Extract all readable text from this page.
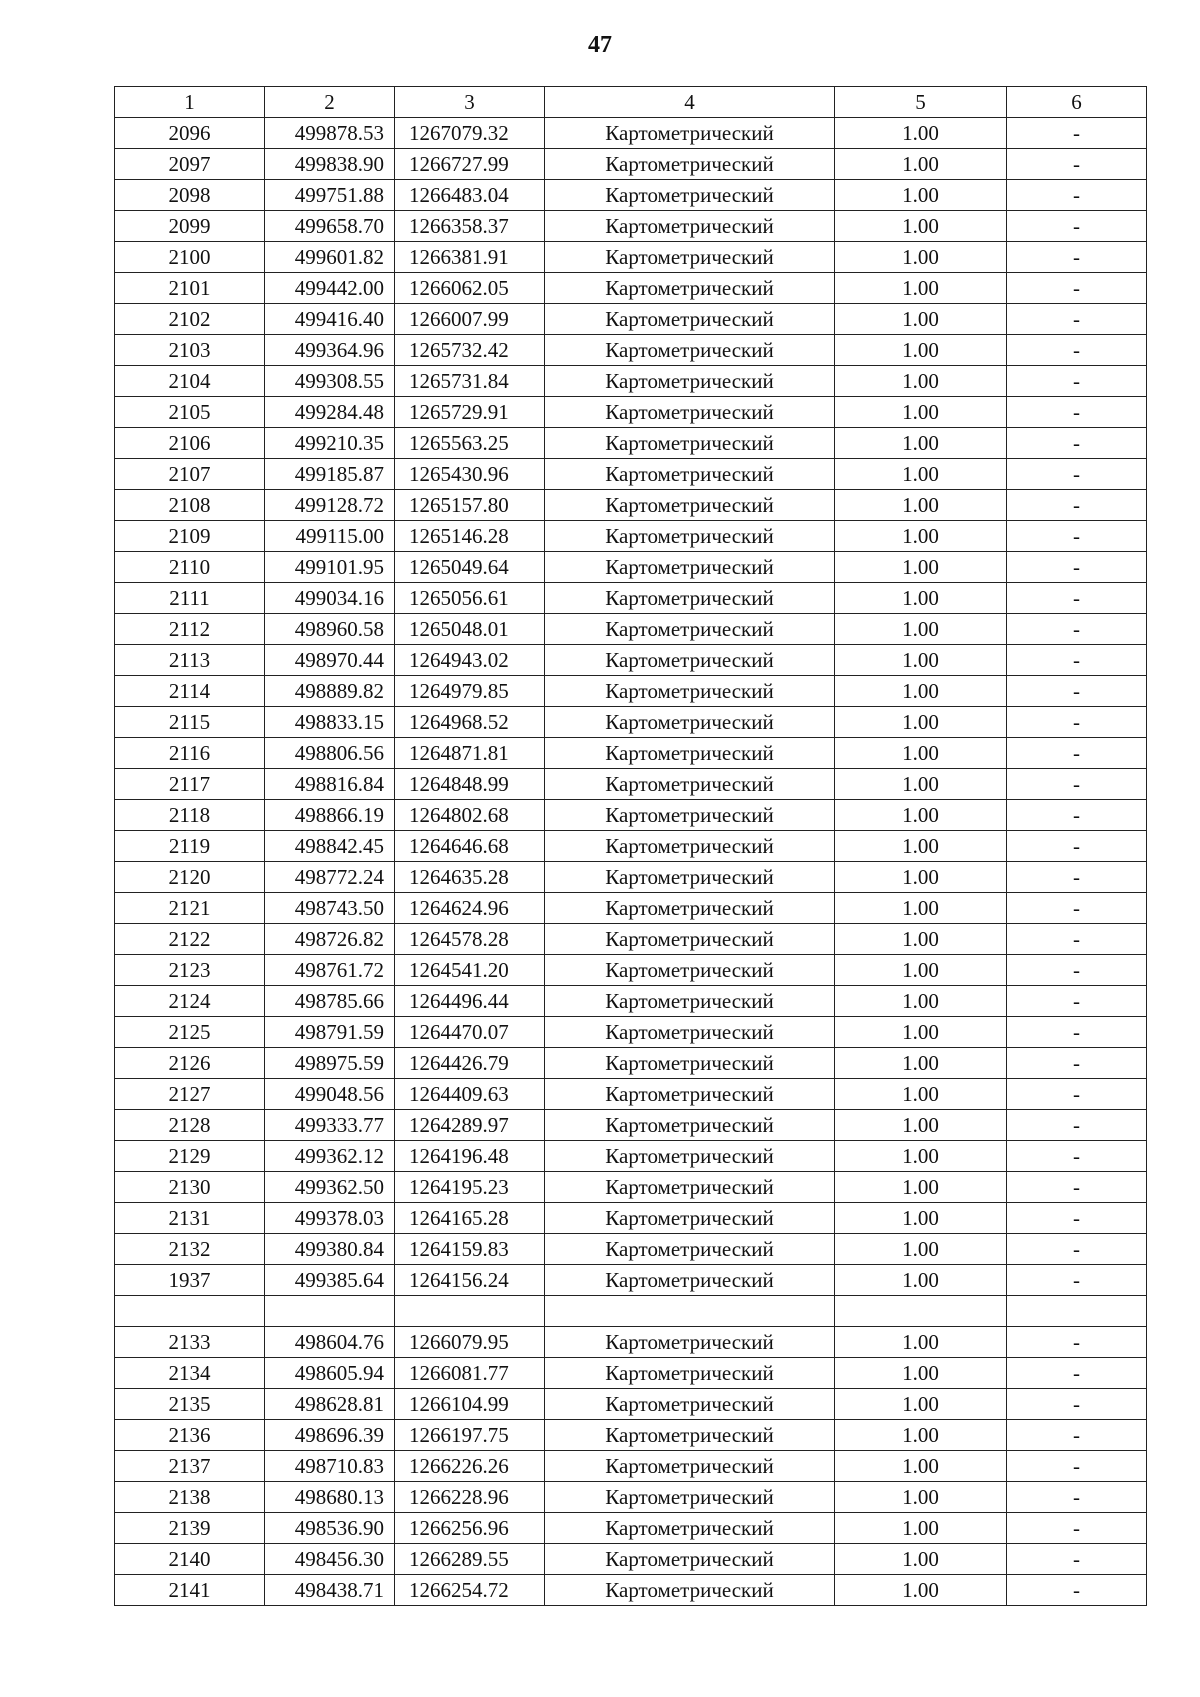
47
1	2	3	4	5	6
2096	499878.53	1267079.32	Картометрический	1.00	-
2097	499838.90	1266727.99	Картометрический	1.00	-
2098	499751.88	1266483.04	Картометрический	1.00	-
2099	499658.70	1266358.37	Картометрический	1.00	-
2100	499601.82	1266381.91	Картометрический	1.00	-
2101	499442.00	1266062.05	Картометрический	1.00	-
2102	499416.40	1266007.99	Картометрический	1.00	-
2103	499364.96	1265732.42	Картометрический	1.00	-
2104	499308.55	1265731.84	Картометрический	1.00	-
2105	499284.48	1265729.91	Картометрический	1.00	-
2106	499210.35	1265563.25	Картометрический	1.00	-
2107	499185.87	1265430.96	Картометрический	1.00	-
2108	499128.72	1265157.80	Картометрический	1.00	-
2109	499115.00	1265146.28	Картометрический	1.00	-
2110	499101.95	1265049.64	Картометрический	1.00	-
2111	499034.16	1265056.61	Картометрический	1.00	-
2112	498960.58	1265048.01	Картометрический	1.00	-
2113	498970.44	1264943.02	Картометрический	1.00	-
2114	498889.82	1264979.85	Картометрический	1.00	-
2115	498833.15	1264968.52	Картометрический	1.00	-
2116	498806.56	1264871.81	Картометрический	1.00	-
2117	498816.84	1264848.99	Картометрический	1.00	-
2118	498866.19	1264802.68	Картометрический	1.00	-
2119	498842.45	1264646.68	Картометрический	1.00	-
2120	498772.24	1264635.28	Картометрический	1.00	-
2121	498743.50	1264624.96	Картометрический	1.00	-
2122	498726.82	1264578.28	Картометрический	1.00	-
2123	498761.72	1264541.20	Картометрический	1.00	-
2124	498785.66	1264496.44	Картометрический	1.00	-
2125	498791.59	1264470.07	Картометрический	1.00	-
2126	498975.59	1264426.79	Картометрический	1.00	-
2127	499048.56	1264409.63	Картометрический	1.00	-
2128	499333.77	1264289.97	Картометрический	1.00	-
2129	499362.12	1264196.48	Картометрический	1.00	-
2130	499362.50	1264195.23	Картометрический	1.00	-
2131	499378.03	1264165.28	Картометрический	1.00	-
2132	499380.84	1264159.83	Картометрический	1.00	-
1937	499385.64	1264156.24	Картометрический	1.00	-

2133	498604.76	1266079.95	Картометрический	1.00	-
2134	498605.94	1266081.77	Картометрический	1.00	-
2135	498628.81	1266104.99	Картометрический	1.00	-
2136	498696.39	1266197.75	Картометрический	1.00	-
2137	498710.83	1266226.26	Картометрический	1.00	-
2138	498680.13	1266228.96	Картометрический	1.00	-
2139	498536.90	1266256.96	Картометрический	1.00	-
2140	498456.30	1266289.55	Картометрический	1.00	-
2141	498438.71	1266254.72	Картометрический	1.00	-
